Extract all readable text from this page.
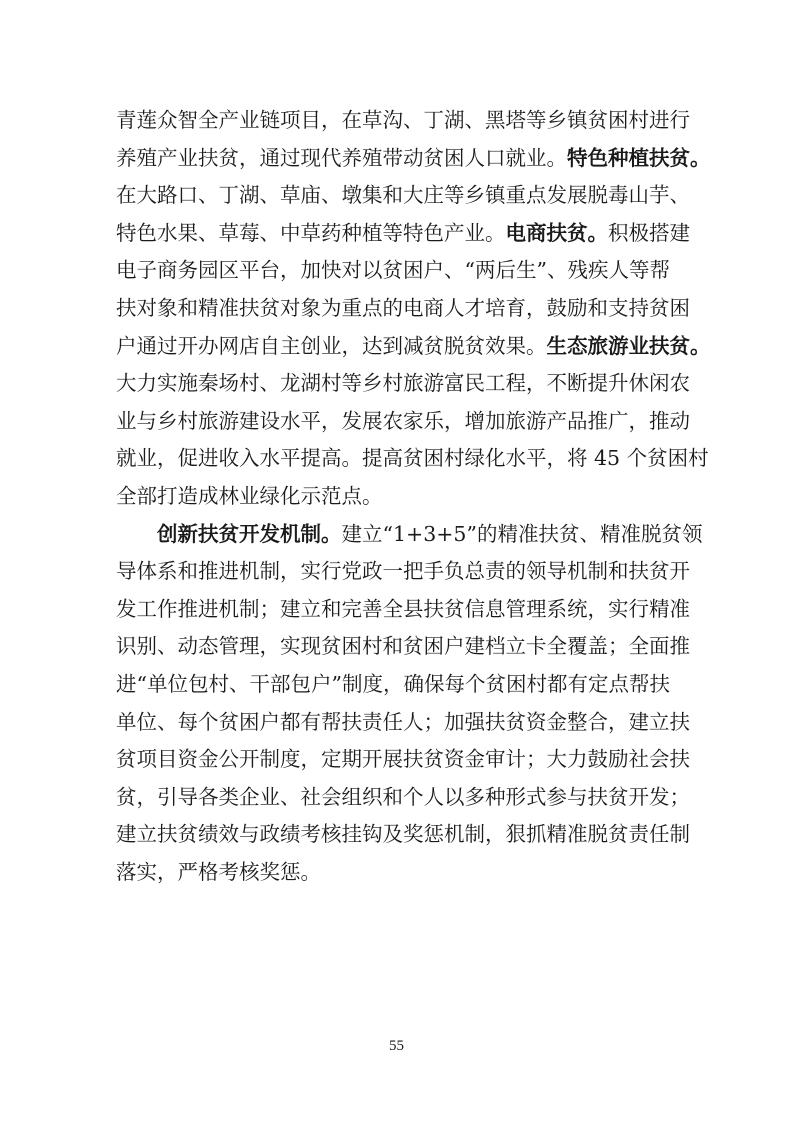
青莲众智全产业链项目，在草沟、丁湖、黑塔等乡镇贫困村进行
养殖产业扶贫，通过现代养殖带动贫困人口就业。特色种植扶贫。
在大路口、丁湖、草庙、墩集和大庄等乡镇重点发展脱毒山芋、
特色水果、草莓、中草药种植等特色产业。电商扶贫。积极搭建
电子商务园区平台，加快对以贫困户、“两后生”、残疾人等帮
扶对象和精准扶贫对象为重点的电商人才培育，鼓励和支持贫困
户通过开办网店自主创业，达到减贫脱贫效果。生态旅游业扶贫。
大力实施秦场村、龙湖村等乡村旅游富民工程，不断提升休闲农
业与乡村旅游建设水平，发展农家乐，增加旅游产品推广，推动
就业，促进收入水平提高。提高贫困村绿化水平，将 45 个贫困村
全部打造成林业绿化示范点。
创新扶贫开发机制。建立“1+3+5”的精准扶贫、精准脱贫领
导体系和推进机制，实行党政一把手负总责的领导机制和扶贫开
发工作推进机制；建立和完善全县扶贫信息管理系统，实行精准
识别、动态管理，实现贫困村和贫困户建档立卡全覆盖；全面推
进“单位包村、干部包户”制度，确保每个贫困村都有定点帮扶
单位、每个贫困户都有帮扶责任人；加强扶贫资金整合，建立扶
贫项目资金公开制度，定期开展扶贫资金审计；大力鼓励社会扶
贫，引导各类企业、社会组织和个人以多种形式参与扶贫开发；
建立扶贫绩效与政绩考核挂钩及奖惩机制，狠抓精准脱贫责任制
落实，严格考核奖惩。
55
